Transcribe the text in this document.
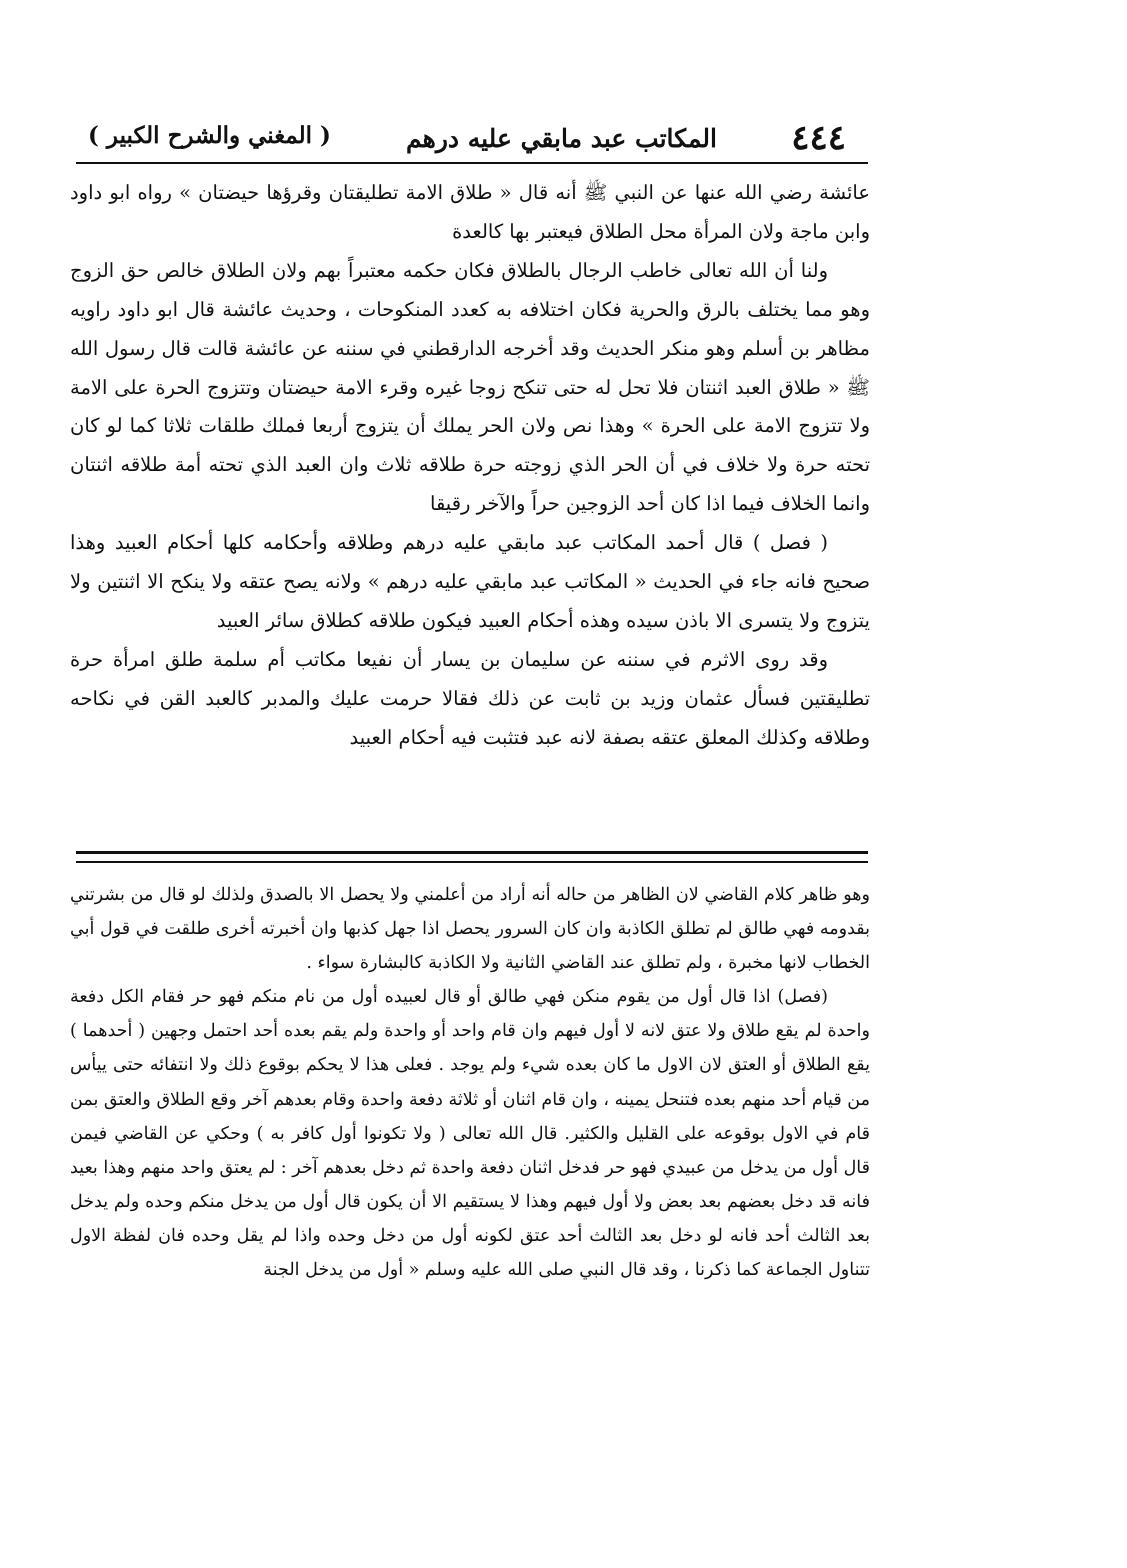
( المغني والشرح الكبير )	المكاتب عبد مابقي عليه درهم ٤٤٤

عائشة رضي الله عنها عن النبي ﷺ أنه قال « طلاق الامة تطليقتان وقرؤها حيضتان » رواه ابو داود وابن ماجة ولان المرأة محل الطلاق فيعتبر بها كالعدة

ولنا أن الله تعالى خاطب الرجال بالطلاق فكان حكمه معتبراً بهم ولان الطلاق خالص حق الزوج وهو مما يختلف بالرق والحرية فكان اختلافه به كعدد المنكوحات ، وحديث عائشة قال ابو داود راويه مظاهر بن أسلم وهو منكر الحديث وقد أخرجه الدارقطني في سننه عن عائشة قالت قال رسول الله ﷺ « طلاق العبد اثنتان فلا تحل له حتى تنكح زوجا غيره وقرء الامة حيضتان وتتزوج الحرة على الامة ولا تتزوج الامة على الحرة » وهذا نص ولان الحر يملك أن يتزوج أربعا فملك طلقات ثلاثا كما لو كان تحته حرة ولا خلاف في أن الحر الذي زوجته حرة طلاقه ثلاث وان العبد الذي تحته أمة طلاقه اثنتان وانما الخلاف فيما اذا كان أحد الزوجين حراً والآخر رقيقا

( فصل ) قال أحمد المكاتب عبد مابقي عليه درهم وطلاقه وأحكامه كلها أحكام العبيد وهذا صحيح فانه جاء في الحديث « المكاتب عبد مابقي عليه درهم » ولانه يصح عتقه ولا ينكح الا اثنتين ولا يتزوج ولا يتسرى الا باذن سيده وهذه أحكام العبيد فيكون طلاقه كطلاق سائر العبيد

وقد روى الاثرم في سننه عن سليمان بن يسار أن نفيعا مكاتب أم سلمة طلق امرأة حرة تطليقتين فسأل عثمان وزيد بن ثابت عن ذلك فقالا حرمت عليك والمدبر كالعبد القن في نكاحه وطلاقه وكذلك المعلق عتقه بصفة لانه عبد فتثبت فيه أحكام العبيد

وهو ظاهر كلام القاضي لان الظاهر من حاله أنه أراد من أعلمني ولا يحصل الا بالصدق ولذلك لو قال من بشرتني بقدومه فهي طالق لم تطلق الكاذبة وان كان السرور يحصل اذا جهل كذبها وان أخبرته أخرى طلقت في قول أبي الخطاب لانها مخبرة ، ولم تطلق عند القاضي الثانية ولا الكاذبة كالبشارة سواء .

(فصل) اذا قال أول من يقوم منكن فهي طالق أو قال لعبيده أول من نام منكم فهو حر فقام الكل دفعة واحدة لم يقع طلاق ولا عتق لانه لا أول فيهم وان قام واحد أو واحدة ولم يقم بعده أحد احتمل وجهين ( أحدهما ) يقع الطلاق أو العتق لان الاول ما كان بعده شيء ولم يوجد . فعلى هذا لا يحكم بوقوع ذلك ولا انتفائه حتى ييأس من قيام أحد منهم بعده فتنحل يمينه ، وان قام اثنان أو ثلاثة دفعة واحدة وقام بعدهم آخر وقع الطلاق والعتق بمن قام في الاول بوقوعه على القليل والكثير. قال الله تعالى ( ولا تكونوا أول كافر به ) وحكي عن القاضي فيمن قال أول من يدخل من عبيدي فهو حر فدخل اثنان دفعة واحدة ثم دخل بعدهم آخر : لم يعتق واحد منهم وهذا بعيد فانه قد دخل بعضهم بعد بعض ولا أول فيهم وهذا لا يستقيم الا أن يكون قال أول من يدخل منكم وحده ولم يدخل بعد الثالث أحد فانه لو دخل بعد الثالث أحد عتق لكونه أول من دخل وحده واذا لم يقل وحده فان لفظة الاول تتناول الجماعة كما ذكرنا ، وقد قال النبي صلى الله عليه وسلم « أول من يدخل الجنة
